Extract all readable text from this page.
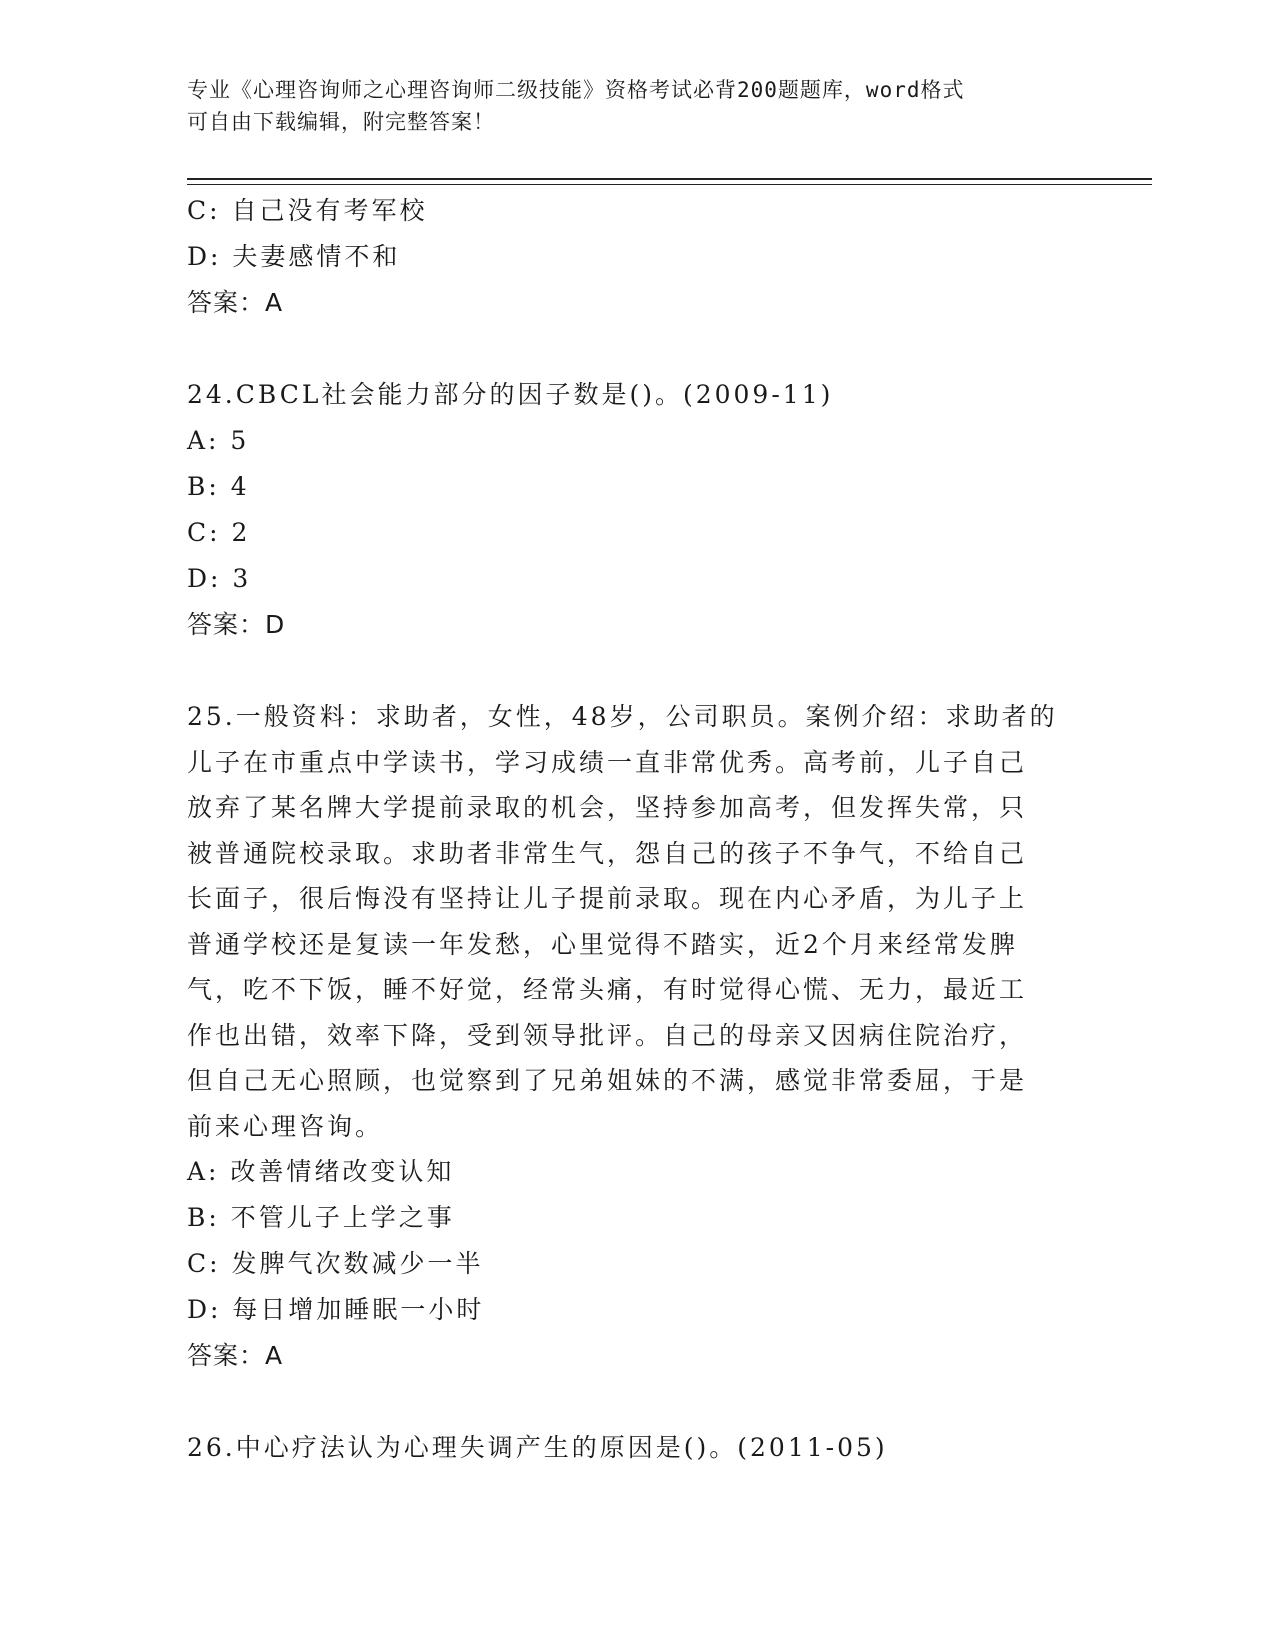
专业《心理咨询师之心理咨询师二级技能》资格考试必背200题题库，word格式
可自由下载编辑，附完整答案！
C: 自己没有考军校
D: 夫妻感情不和
答案：A
24.CBCL社会能力部分的因子数是()。(2009-11)
A: 5
B: 4
C: 2
D: 3
答案：D
25.一般资料：求助者，女性，48岁，公司职员。案例介绍：求助者的
儿子在市重点中学读书，学习成绩一直非常优秀。高考前，儿子自己
放弃了某名牌大学提前录取的机会，坚持参加高考，但发挥失常，只
被普通院校录取。求助者非常生气，怨自己的孩子不争气，不给自己
长面子，很后悔没有坚持让儿子提前录取。现在内心矛盾，为儿子上
普通学校还是复读一年发愁，心里觉得不踏实，近2个月来经常发脾
气，吃不下饭，睡不好觉，经常头痛，有时觉得心慌、无力，最近工
作也出错，效率下降，受到领导批评。自己的母亲又因病住院治疗，
但自己无心照顾，也觉察到了兄弟姐妹的不满，感觉非常委屈，于是
前来心理咨询。
A: 改善情绪改变认知
B: 不管儿子上学之事
C: 发脾气次数减少一半
D: 每日增加睡眠一小时
答案：A
26.中心疗法认为心理失调产生的原因是()。(2011-05)
